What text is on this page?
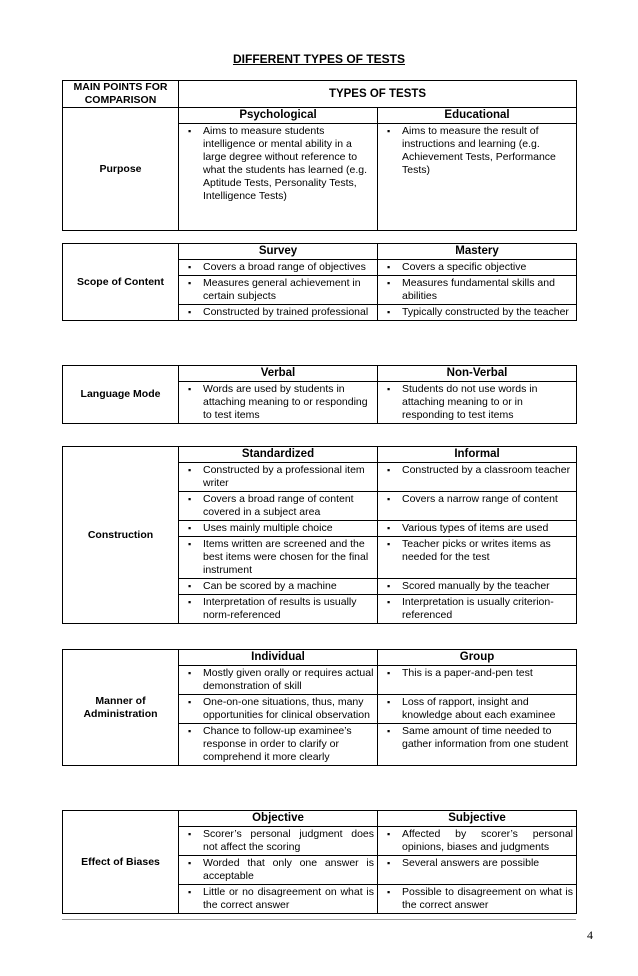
DIFFERENT TYPES OF TESTS
MAIN POINTS FOR COMPARISON	TYPES OF TESTS	
Purpose	Psychological	Educational

	▪ Aims to measure students intelligence or mental ability in a large degree without reference to what the students has learned (e.g. Aptitude Tests, Personality Tests, Intelligence Tests)	▪ Aims to measure the result of instructions and learning (e.g. Achievement Tests, Performance Tests)
Scope of Content	Survey	Mastery

	▪ Covers a broad range of objectives	▪ Covers a specific objective

	▪ Measures general achievement in certain subjects	▪ Measures fundamental skills and abilities

	▪ Constructed by trained professional	▪ Typically constructed by the teacher
Language Mode	Verbal	Non-Verbal

	▪ Words are used by students in attaching meaning to or responding to test items	▪ Students do not use words in attaching meaning to or in responding to test items
Construction	Standardized	Informal

	▪ Constructed by a professional item writer	▪ Constructed by a classroom teacher

	▪ Covers a broad range of content covered in a subject area	▪ Covers a narrow range of content

	▪ Uses mainly multiple choice	▪ Various types of items are used

	▪ Items written are screened and the best items were chosen for the final instrument	▪ Teacher picks or writes items as needed for the test

	▪ Can be scored by a machine	▪ Scored manually by the teacher

	▪ Interpretation of results is usually norm-referenced	▪ Interpretation is usually criterion-referenced
Manner of Administration	Individual	Group

	▪ Mostly given orally or requires actual demonstration of skill	▪ This is a paper-and-pen test

	▪ One-on-one situations, thus, many opportunities for clinical observation	▪ Loss of rapport, insight and knowledge about each examinee

	▪ Chance to follow-up examinee’s response in order to clarify or comprehend it more clearly	▪ Same amount of time needed to gather information from one student
Effect of Biases	Objective	Subjective

	▪ Scorer’s personal judgment does not affect the scoring	▪ Affected by scorer’s personal opinions, biases and judgments

	▪ Worded that only one answer is acceptable	▪ Several answers are possible

	▪ Little or no disagreement on what is the correct answer	▪ Possible to disagreement on what is the correct answer
4
